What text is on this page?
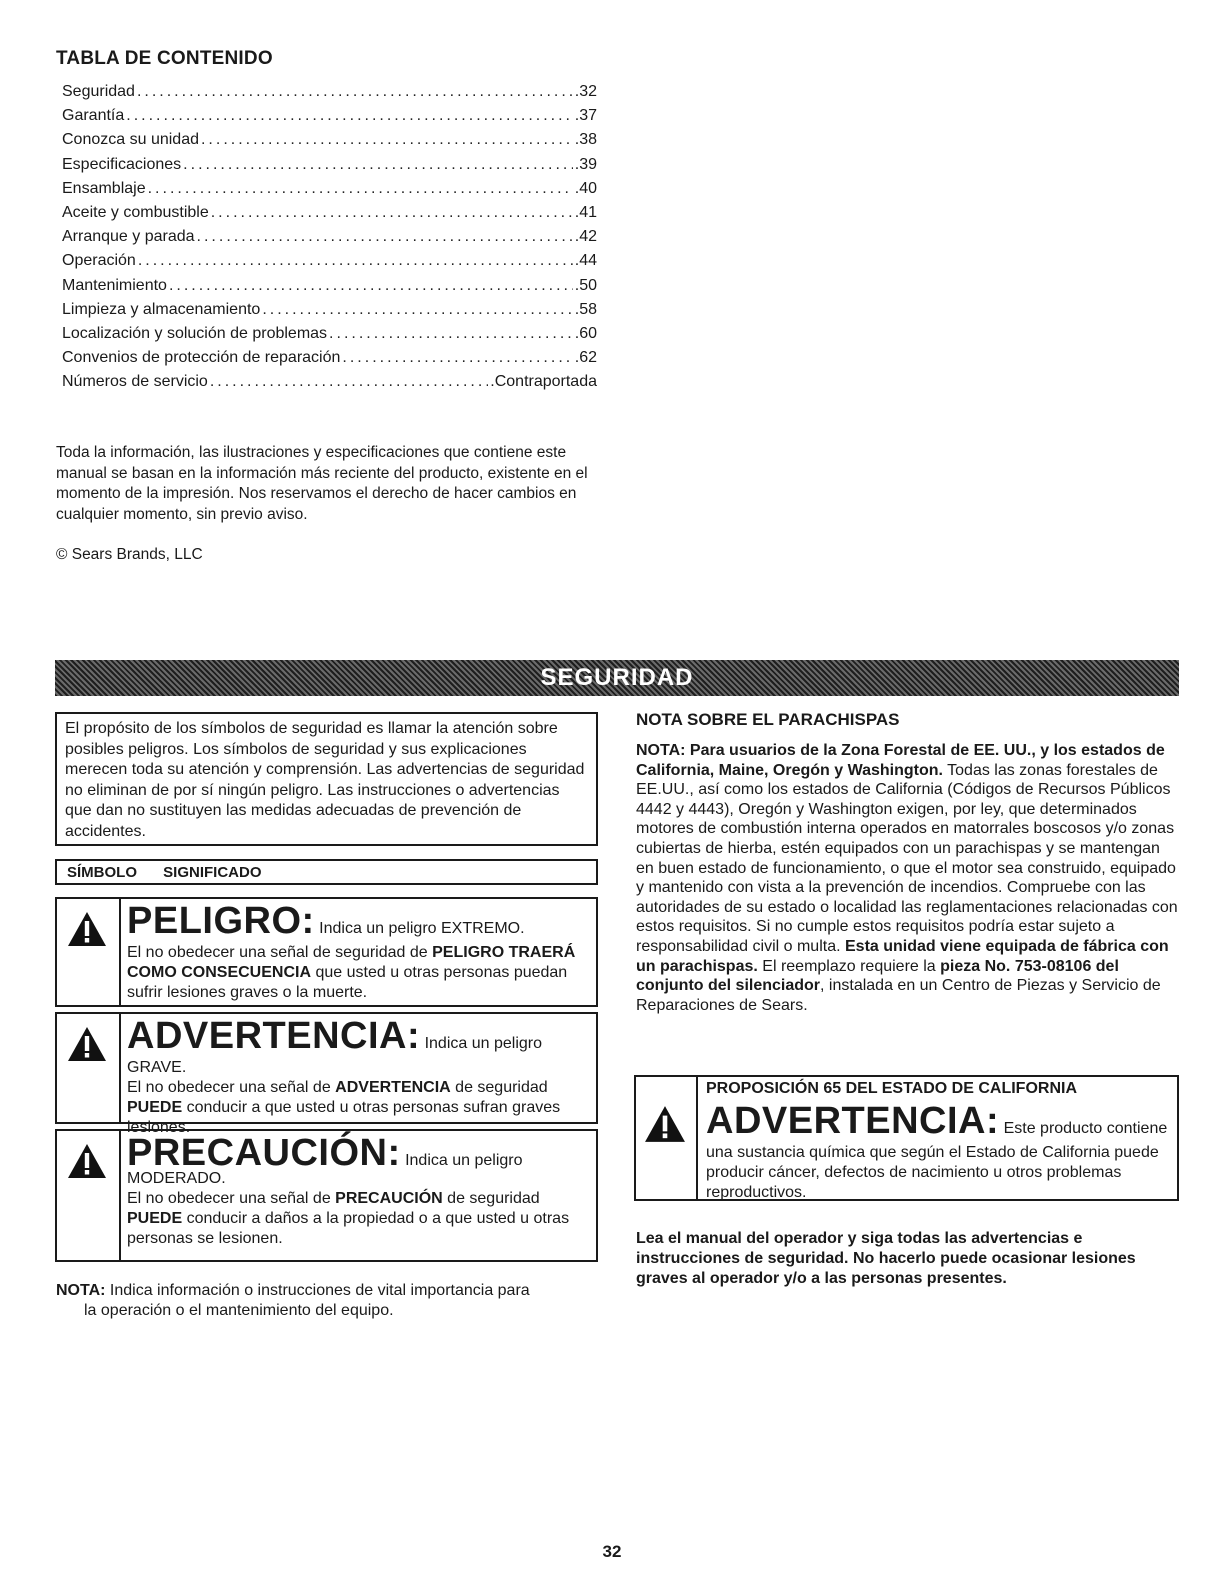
TABLA DE CONTENIDO
Seguridad .....	.32
Garantía .....	.37
Conozca su unidad .....	.38
Especificaciones .....	.39
Ensamblaje .....	.40
Aceite y combustible .....	.41
Arranque y parada .....	.42
Operación .....	.44
Mantenimiento .....	.50
Limpieza y almacenamiento .....	.58
Localización y solución de problemas .....	.60
Convenios de protección de reparación .....	.62
Números de servicio .....	.Contraportada
Toda la información, las ilustraciones y especificaciones que contiene este manual se basan en la información más reciente del producto, existente en el momento de la impresión. Nos reservamos el derecho de hacer cambios en cualquier momento, sin previo aviso.
© Sears Brands, LLC
SEGURIDAD
El propósito de los símbolos de seguridad es llamar la atención sobre posibles peligros. Los símbolos de seguridad y sus explicaciones merecen toda su atención y comprensión. Las advertencias de seguridad no eliminan de por sí ningún peligro. Las instrucciones o advertencias que dan no sustituyen las medidas adecuadas de prevención de accidentes.
SÍMBOLO SIGNIFICADO
PELIGRO: Indica un peligro EXTREMO.
El no obedecer una señal de seguridad de PELIGRO TRAERÁ COMO CONSECUENCIA que usted u otras personas puedan sufrir lesiones graves o la muerte.
ADVERTENCIA: Indica un peligro GRAVE.
El no obedecer una señal de ADVERTENCIA de seguridad PUEDE conducir a que usted u otras personas sufran graves lesiones.
PRECAUCIÓN: Indica un peligro
MODERADO.
El no obedecer una señal de PRECAUCIÓN de seguridad PUEDE conducir a daños a la propiedad o a que usted u otras personas se lesionen.
NOTA: Indica información o instrucciones de vital importancia para
la operación o el mantenimiento del equipo.
NOTA SOBRE EL PARACHISPAS
NOTA: Para usuarios de la Zona Forestal de EE. UU., y los estados de California, Maine, Oregón y Washington. Todas las zonas forestales de EE.UU., así como los estados de California (Códigos de Recursos Públicos 4442 y 4443), Oregón y Washington exigen, por ley, que determinados motores de combustión interna operados en matorrales boscosos y/o zonas cubiertas de hierba, estén equipados con un parachispas y se mantengan en buen estado de funcionamiento, o que el motor sea construido, equipado y mantenido con vista a la prevención de incendios. Compruebe con las autoridades de su estado o localidad las reglamentaciones relacionadas con estos requisitos. Si no cumple estos requisitos podría estar sujeto a responsabilidad civil o multa. Esta unidad viene equipada de fábrica con un parachispas. El reemplazo requiere la pieza No. 753-08106 del conjunto del silenciador, instalada en un Centro de Piezas y Servicio de Reparaciones de Sears.
PROPOSICIÓN 65 DEL ESTADO DE CALIFORNIA
ADVERTENCIA: Este producto contiene
una sustancia química que según el Estado de California puede producir cáncer, defectos de nacimiento u otros problemas reproductivos.
Lea el manual del operador y siga todas las advertencias e instrucciones de seguridad. No hacerlo puede ocasionar lesiones graves al operador y/o a las personas presentes.
32
